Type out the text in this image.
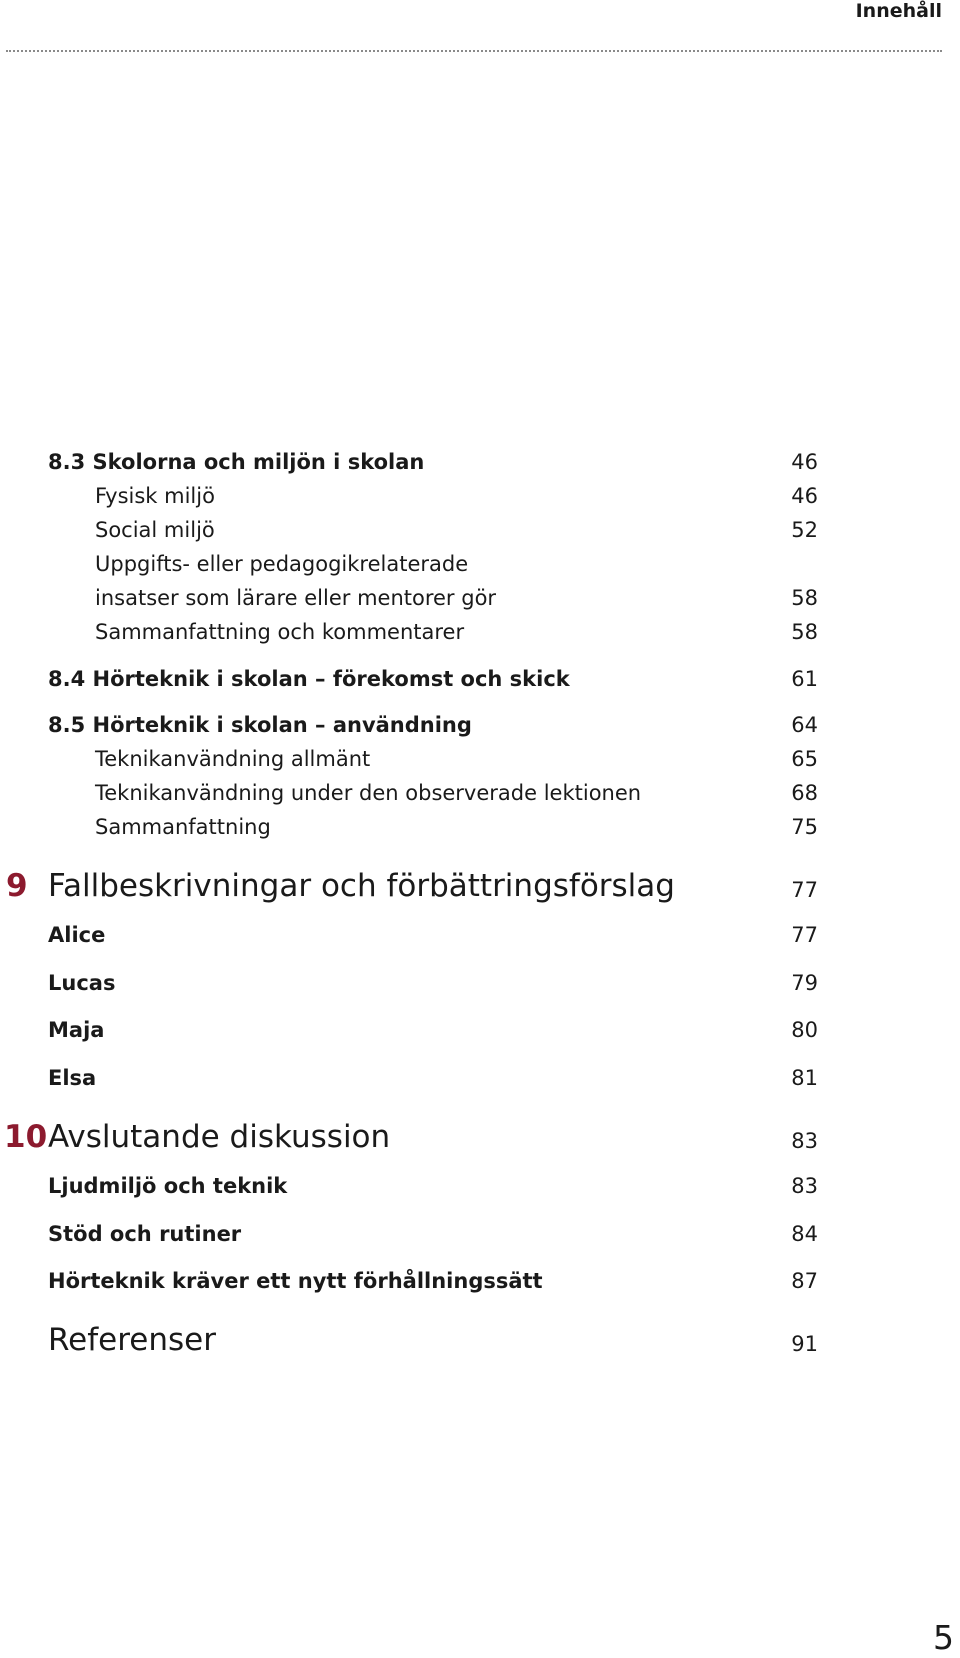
Innehåll
8.3 Skolorna och miljön i skolan	46
Fysisk miljö	46
Social miljö	52
Uppgifts- eller pedagogikrelaterade
insatser som lärare eller mentorer gör	58
Sammanfattning och kommentarer	58
8.4 Hörteknik i skolan – förekomst och skick	61
8.5 Hörteknik i skolan – användning	64
Teknikanvändning allmänt	65
Teknikanvändning under den observerade lektionen	68
Sammanfattning	75
9 Fallbeskrivningar och förbättringsförslag	77
Alice	77
Lucas	79
Maja	80
Elsa	81
10 Avslutande diskussion	83
Ljudmiljö och teknik	83
Stöd och rutiner	84
Hörteknik kräver ett nytt förhållningssätt	87
Referenser	91
5
